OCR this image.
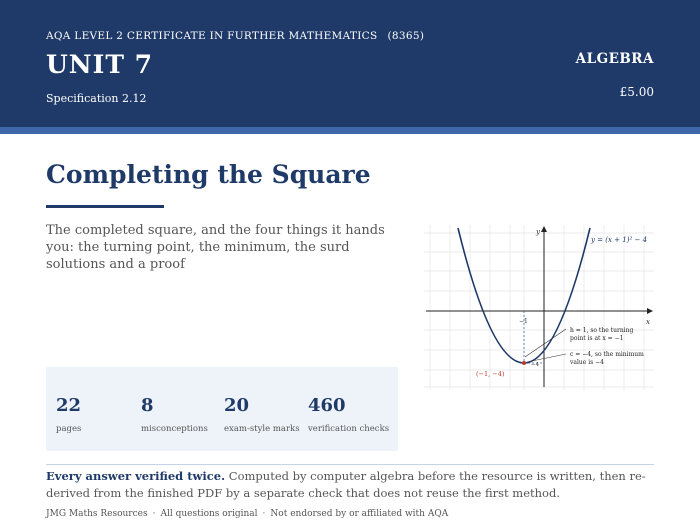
AQA LEVEL 2 CERTIFICATE IN FURTHER MATHEMATICS (8365)
UNIT 7
Specification 2.12
ALGEBRA
£5.00
Completing the Square
The completed square, and the four things it hands you: the turning point, the minimum, the surd solutions and a proof
22
pages
8
misconceptions
20
exam-style marks
460
verification checks
x
y
−1
−4
(−1, −4)
y = (x + 1)² − 4
h = 1, so the turning
point is at x = −1
c = −4, so the minimum
value is −4
Every answer verified twice. Computed by computer algebra before the resource is written, then re-derived from the finished PDF by a separate check that does not reuse the first method.
JMG Maths Resources · All questions original · Not endorsed by or affiliated with AQA
